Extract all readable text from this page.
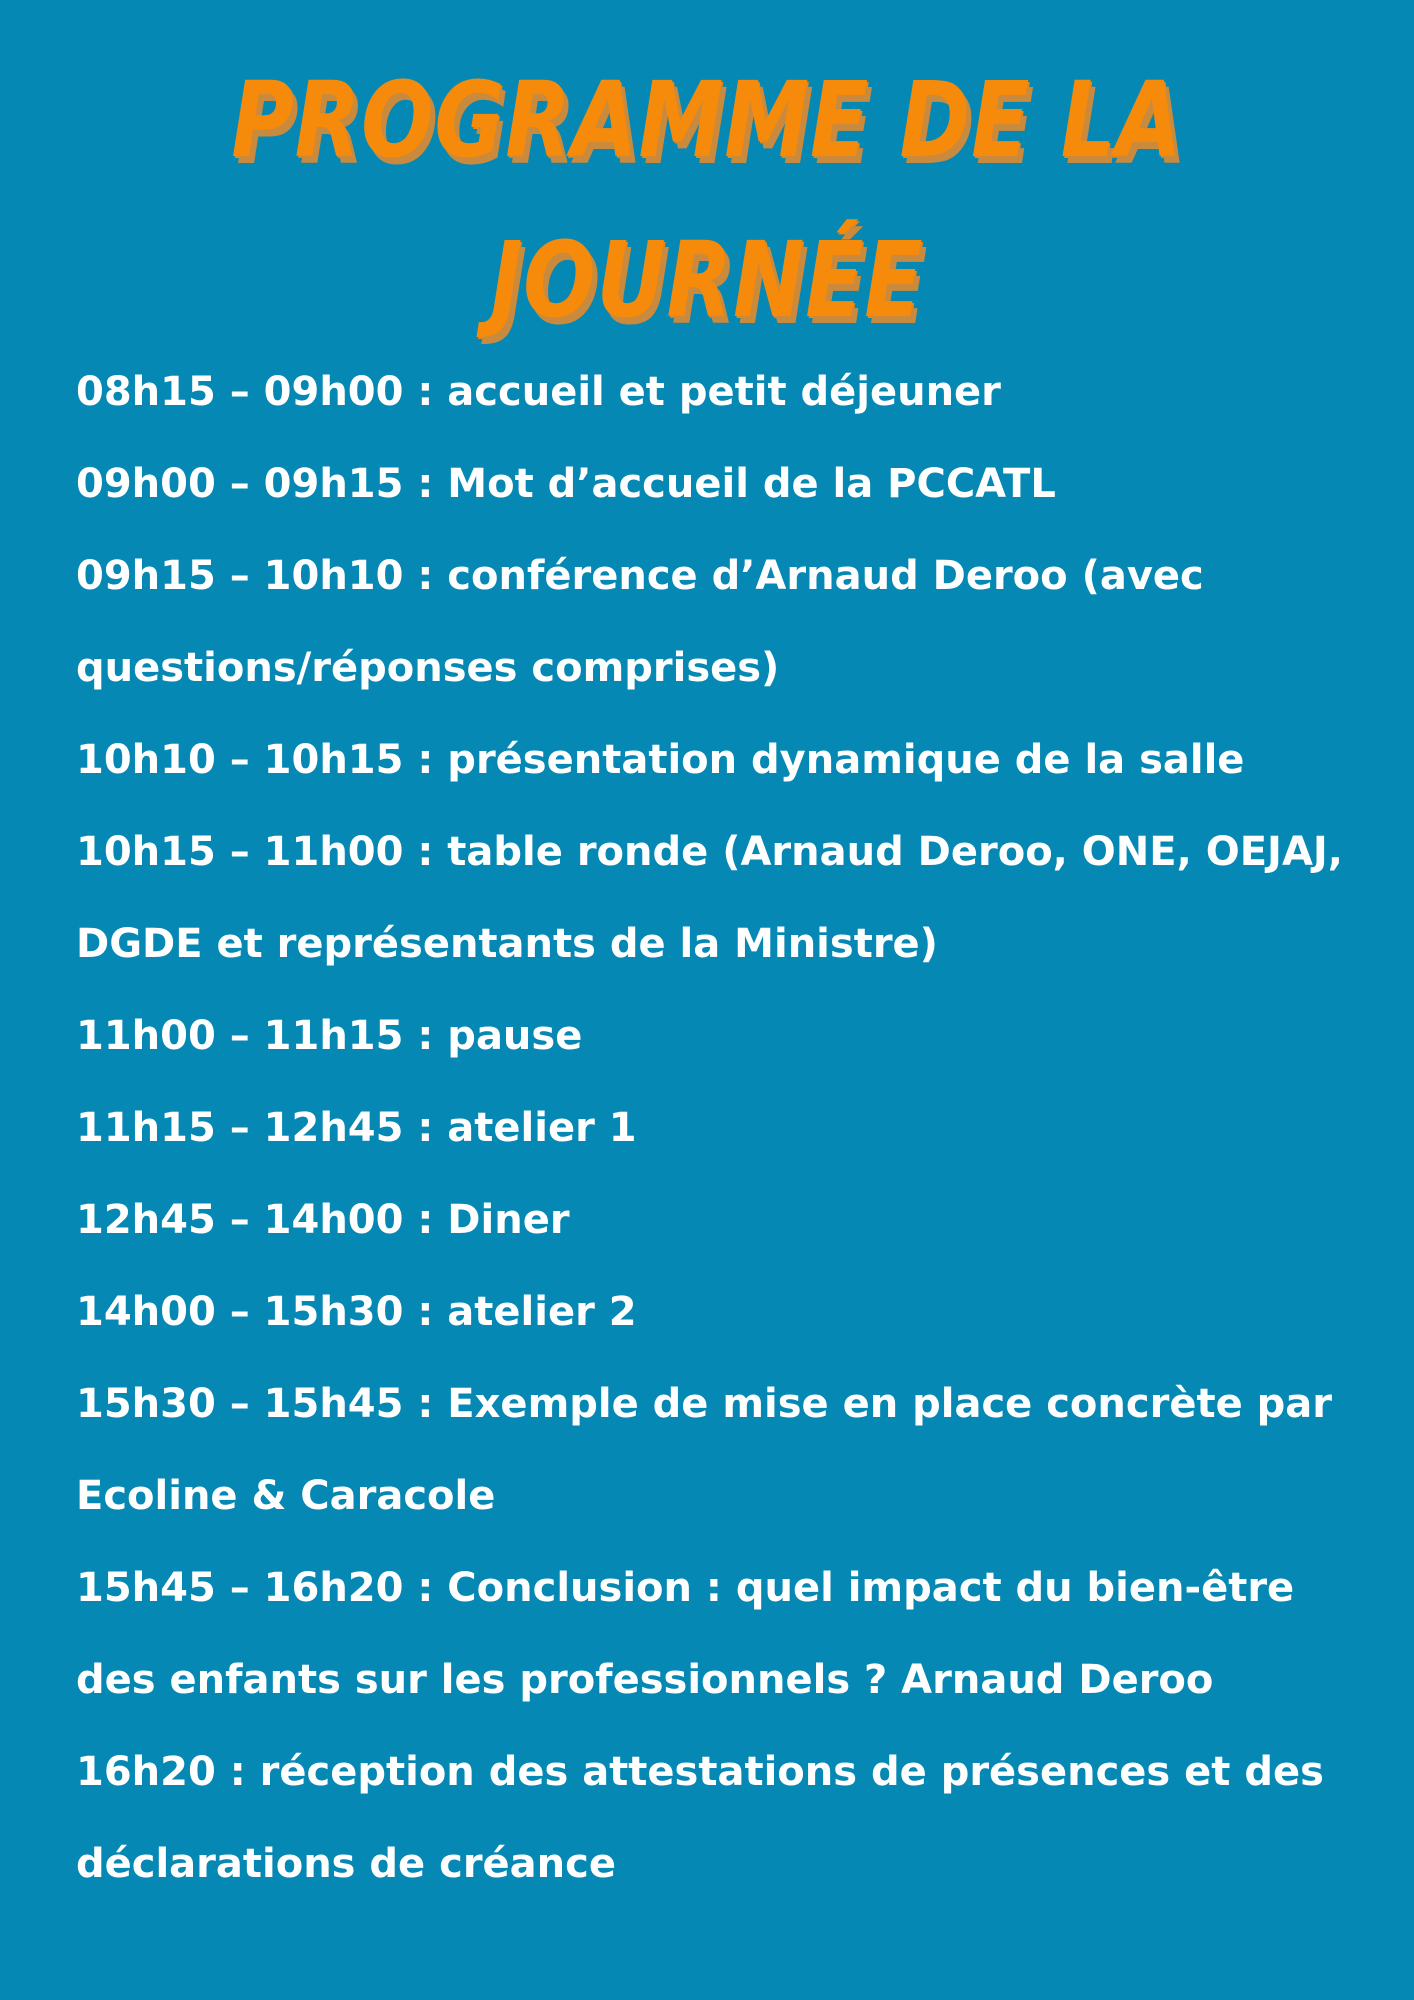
PROGRAMME DE LA
JOURNÉE
08h15 – 09h00 : accueil et petit déjeuner
09h00 – 09h15 : Mot d’accueil de la PCCATL
09h15 – 10h10 : conférence d’Arnaud Deroo (avec questions/réponses comprises)
10h10 – 10h15 : présentation dynamique de la salle
10h15 – 11h00 : table ronde (Arnaud Deroo, ONE, OEJAJ, DGDE et représentants de la Ministre)
11h00 – 11h15 : pause
11h15 – 12h45 : atelier 1
12h45 – 14h00 : Diner
14h00 – 15h30 : atelier 2
15h30 – 15h45 : Exemple de mise en place concrète par Ecoline & Caracole
15h45 – 16h20 : Conclusion : quel impact du bien-être des enfants sur les professionnels ? Arnaud Deroo
16h20 : réception des attestations de présences et des déclarations de créance
